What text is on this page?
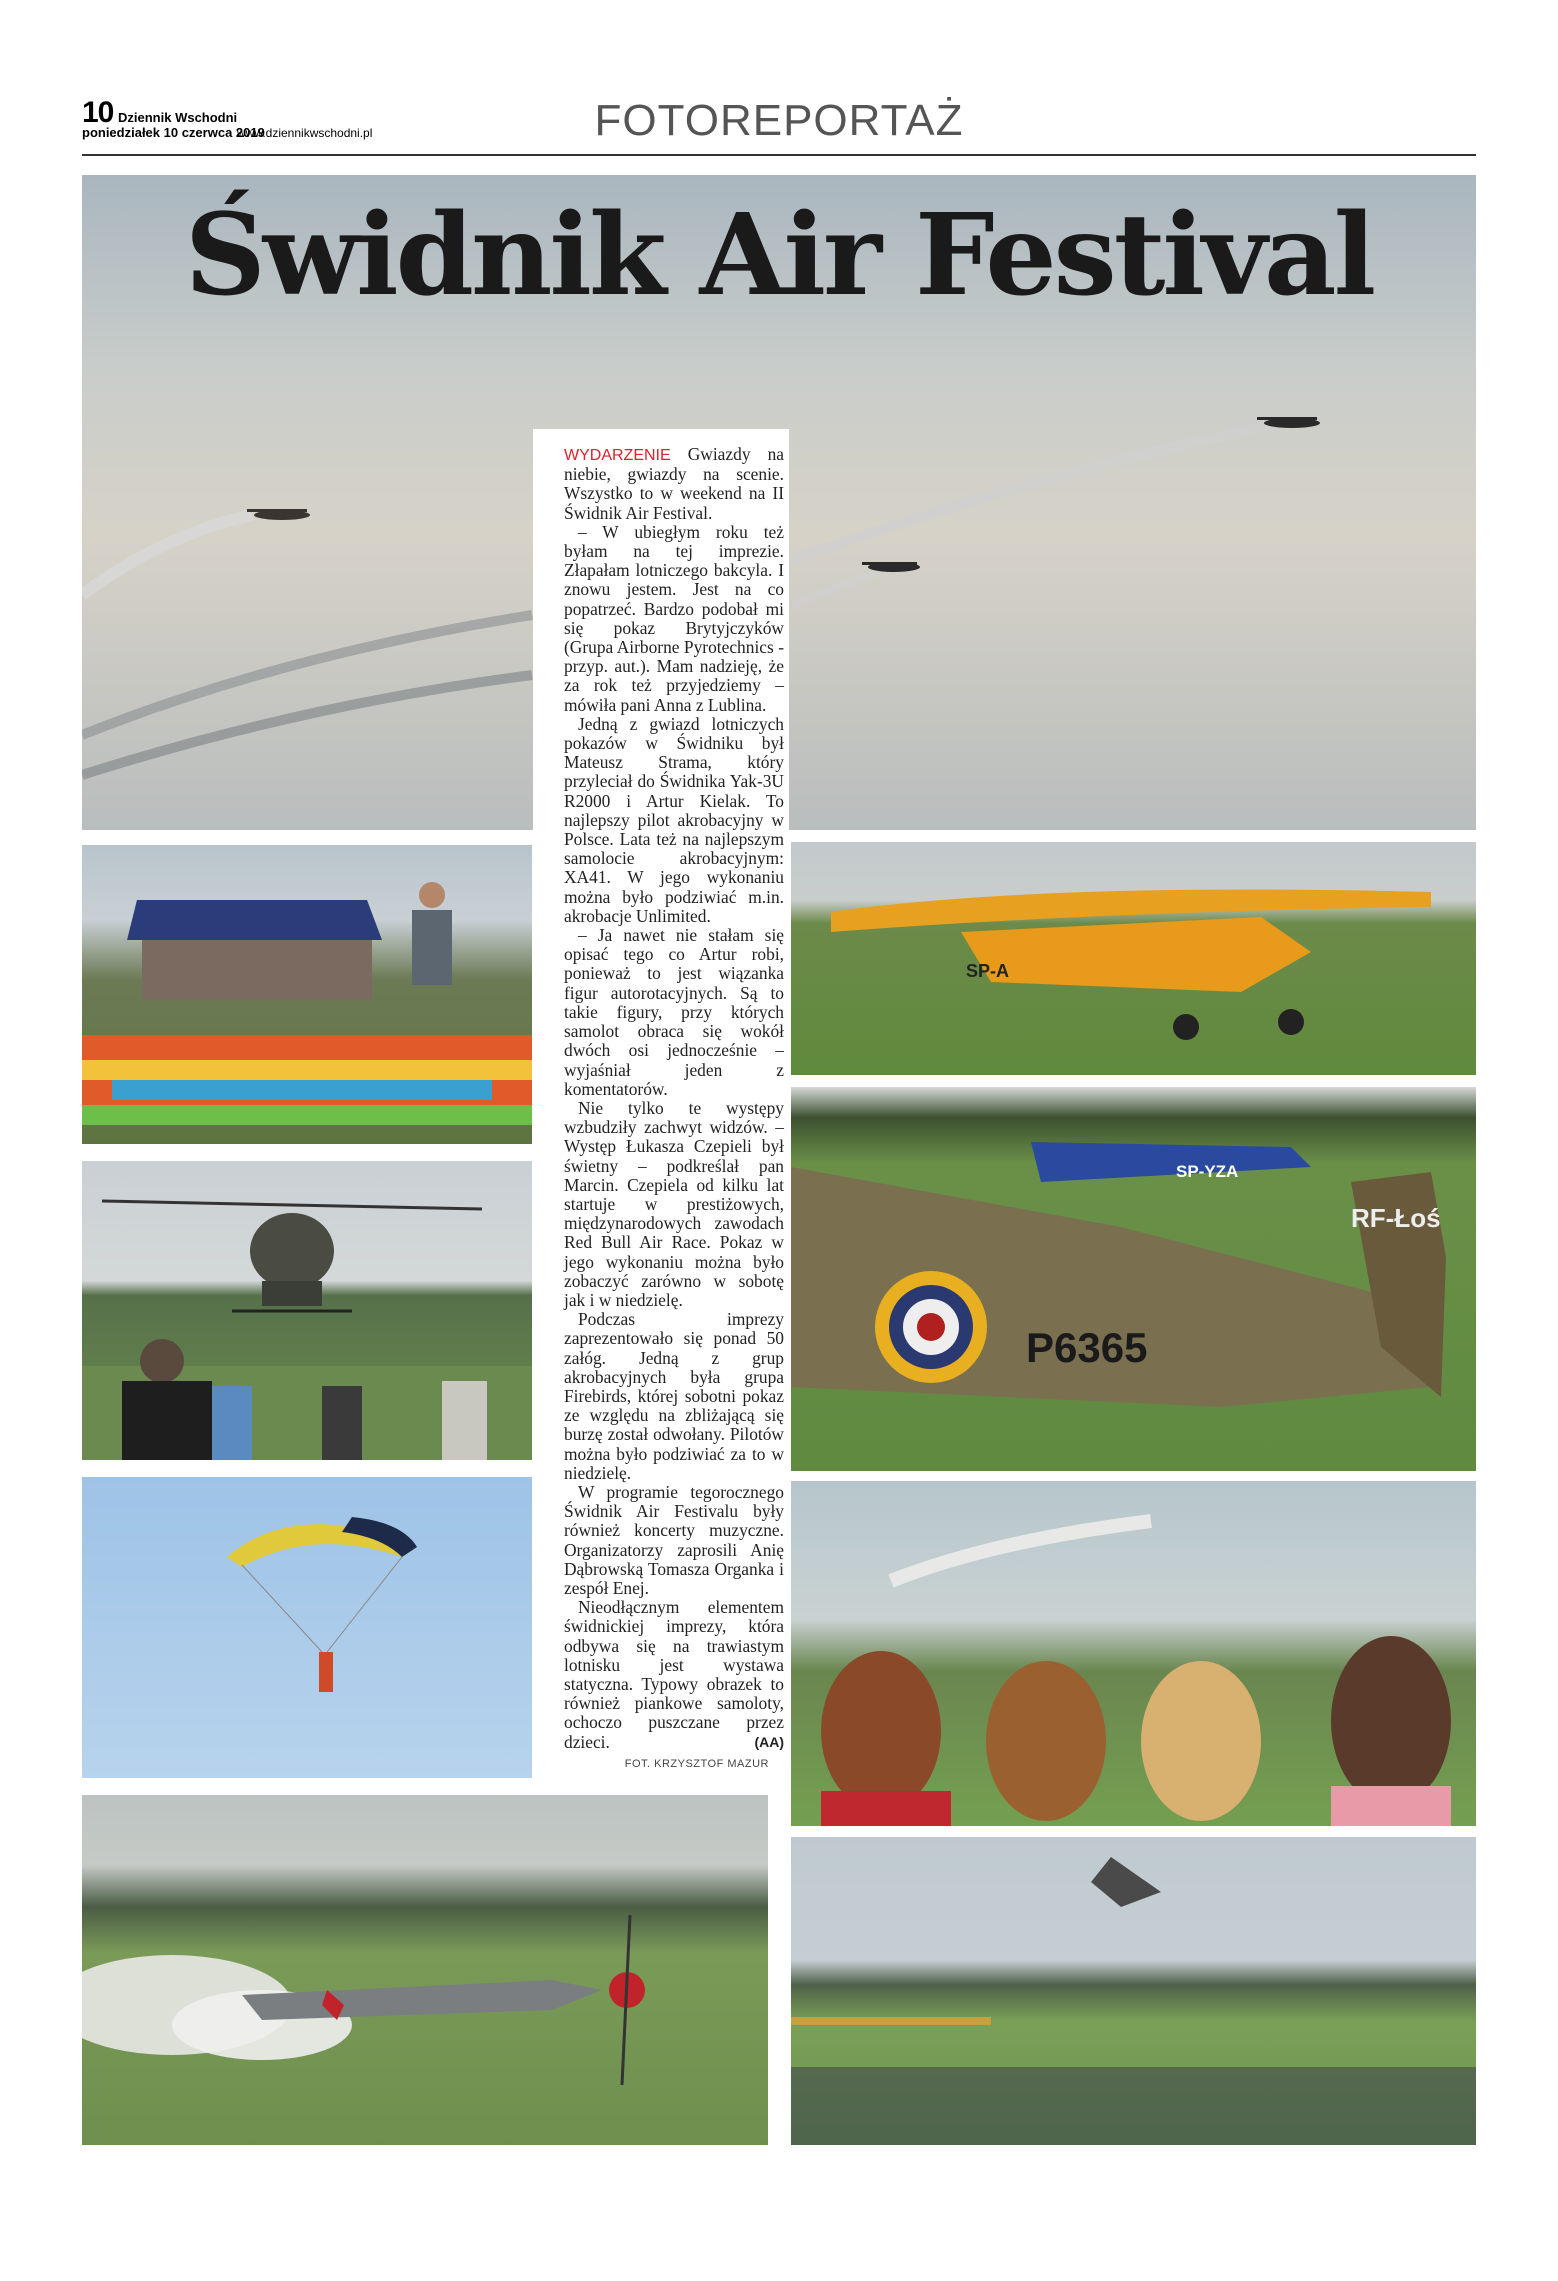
10 Dziennik Wschodni
poniedziałek 10 czerwca 2019
www.dziennikwschodni.pl	FOTOREPORTAŻ
Świdnik Air Festival

WYDARZENIE Gwiazdy na niebie, gwiazdy na scenie. Wszystko to w weekend na II Świdnik Air Festival.

– W ubiegłym roku też byłam na tej imprezie. Złapałam lotniczego bakcyla. I znowu jestem. Jest na co popatrzeć. Bardzo podobał mi się pokaz Brytyjczyków (Grupa Airborne Pyrotechnics - przyp. aut.). Mam nadzieję, że za rok też przyjedziemy – mówiła pani Anna z Lublina.

Jedną z gwiazd lotniczych pokazów w Świdniku był Mateusz Strama, który przyleciał do Świdnika Yak-3U R2000 i Artur Kielak. To najlepszy pilot akrobacyjny w Polsce. Lata też na najlepszym samolocie akrobacyjnym: XA41. W jego wykonaniu można było podziwiać m.in. akrobacje Unlimited.

– Ja nawet nie stałam się opisać tego co Artur robi, ponieważ to jest wiązanka figur autorotacyjnych. Są to takie figury, przy których samolot obraca się wokół dwóch osi jednocześnie – wyjaśniał jeden z komentatorów.

Nie tylko te występy wzbudziły zachwyt widzów. – Występ Łukasza Czepieli był świetny – podkreślał pan Marcin. Czepiela od kilku lat startuje w prestiżowych, międzynarodowych zawodach Red Bull Air Race. Pokaz w jego wykonaniu można było zobaczyć zarówno w sobotę jak i w niedzielę.

Podczas imprezy zaprezentowało się ponad 50 załóg. Jedną z grup akrobacyjnych była grupa Firebirds, której sobotni pokaz ze względu na zbliżającą się burzę został odwołany. Pilotów można było podziwiać za to w niedzielę.

W programie tegorocznego Świdnik Air Festivalu były również koncerty muzyczne. Organizatorzy zaprosili Anię Dąbrowską Tomasza Organka i zespół Enej.

Nieodłącznym elementem świdnickiej imprezy, która odbywa się na trawiastym lotnisku jest wystawa statyczna. Typowy obrazek to również piankowe samoloty, ochoczo puszczane przez dzieci.	(AA)

FOT. KRZYSZTOF MAZUR
SP-A
SP-YZA
P6365
RF-Łoś
